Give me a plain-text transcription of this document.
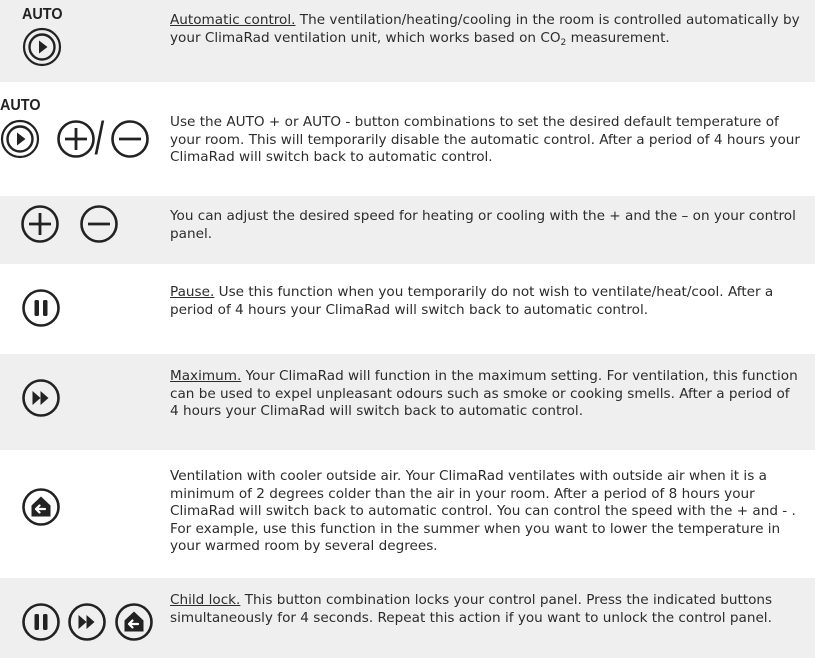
AUTO	Automatic control. The ventilation/heating/cooling in the room is controlled automatically by your ClimaRad ventilation unit, which works based on $CO_2$ measurement.
AUTO
/	Use the AUTO + or AUTO - button combinations to set the desired default temperature of your room. This will temporarily disable the automatic control. After a period of 4 hours your ClimaRad will switch back to automatic control.
You can adjust the desired speed for heating or cooling with the + and the – on your control panel.
Pause. Use this function when you temporarily do not wish to ventilate/heat/cool. After a period of 4 hours your ClimaRad will switch back to automatic control.
Maximum. Your ClimaRad will function in the maximum setting. For ventilation, this function can be used to expel unpleasant odours such as smoke or cooking smells. After a period of 4 hours your ClimaRad will switch back to automatic control.
Ventilation with cooler outside air. Your ClimaRad ventilates with outside air when it is a minimum of 2 degrees colder than the air in your room. After a period of 8 hours your ClimaRad will switch back to automatic control. You can control the speed with the + and - . For example, use this function in the summer when you want to lower the temperature in your warmed room by several degrees.
Child lock. This button combination locks your control panel. Press the indicated buttons simultaneously for 4 seconds. Repeat this action if you want to unlock the control panel.
